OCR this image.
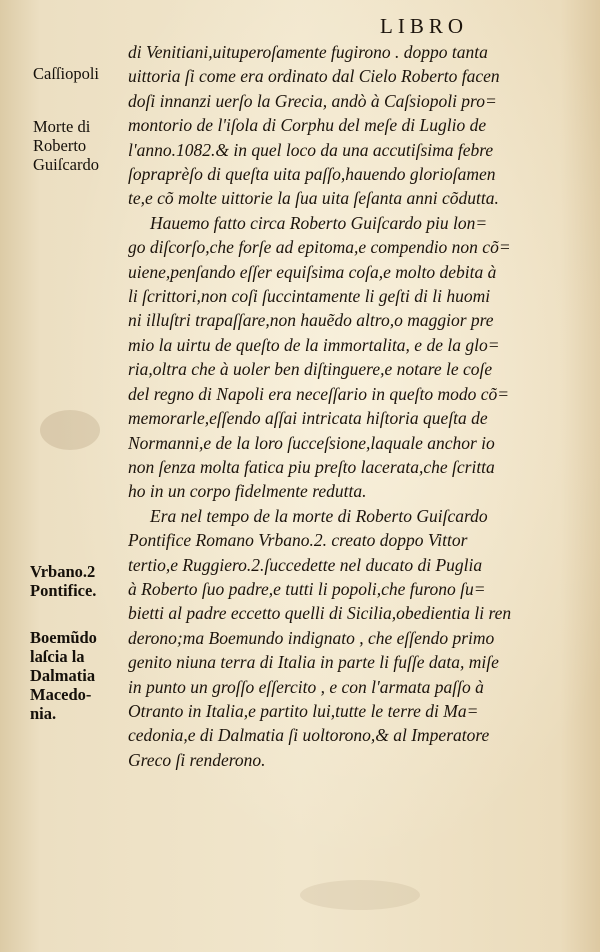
LIBRO
Caſſiopoli
Morte di
Roberto
Guiſcardo
Vrbano.2
Pontifice.
Boemũdo
laſcia la
Dalmatia
Macedo-
nia.
di Venitiani,uituperoſamente fugirono . doppo tanta
uittoria ſi come era ordinato dal Cielo Roberto facen
doſi innanzi uerſo la Grecia, andò à Caſsiopoli pro=
montorio de l'iſola di Corphu del meſe di Luglio de
l'anno.1082.& in quel loco da una accutiſsima febre
ſopraprèſo di queſta uita paſſo,hauendo glorioſamen
te,e cõ molte uittorie la ſua uita ſeſanta anni cõdutta.
Hauemo fatto circa Roberto Guiſcardo piu lon=
go diſcorſo,che forſe ad epitoma,e compendio non cõ=
uiene,penſando eſſer equiſsima coſa,e molto debita à
li ſcrittori,non coſi ſuccintamente li geſti di li huomi
ni illuſtri trapaſſare,non hauẽdo altro,o maggior pre
mio la uirtu de queſto de la immortalita, e de la glo=
ria,oltra che à uoler ben diſtinguere,e notare le coſe
del regno di Napoli era neceſſario in queſto modo cõ=
memorarle,eſſendo aſſai intricata hiſtoria queſta de
Normanni,e de la loro ſucceſsione,laquale anchor io
non ſenza molta fatica piu preſto lacerata,che ſcritta
ho in un corpo fidelmente redutta.
Era nel tempo de la morte di Roberto Guiſcardo
Pontifice Romano Vrbano.2. creato doppo Vittor
tertio,e Ruggiero.2.ſuccedette nel ducato di Puglia
à Roberto ſuo padre,e tutti li popoli,che furono ſu=
bietti al padre eccetto quelli di Sicilia,obedientia li ren
derono;ma Boemundo indignato , che eſſendo primo
genito niuna terra di Italia in parte li fuſſe data, miſe
in punto un groſſo eſſercito , e con l'armata paſſo à
Otranto in Italia,e partito lui,tutte le terre di Ma=
cedonia,e di Dalmatia ſi uoltorono,& al Imperatore
Greco ſi renderono.
